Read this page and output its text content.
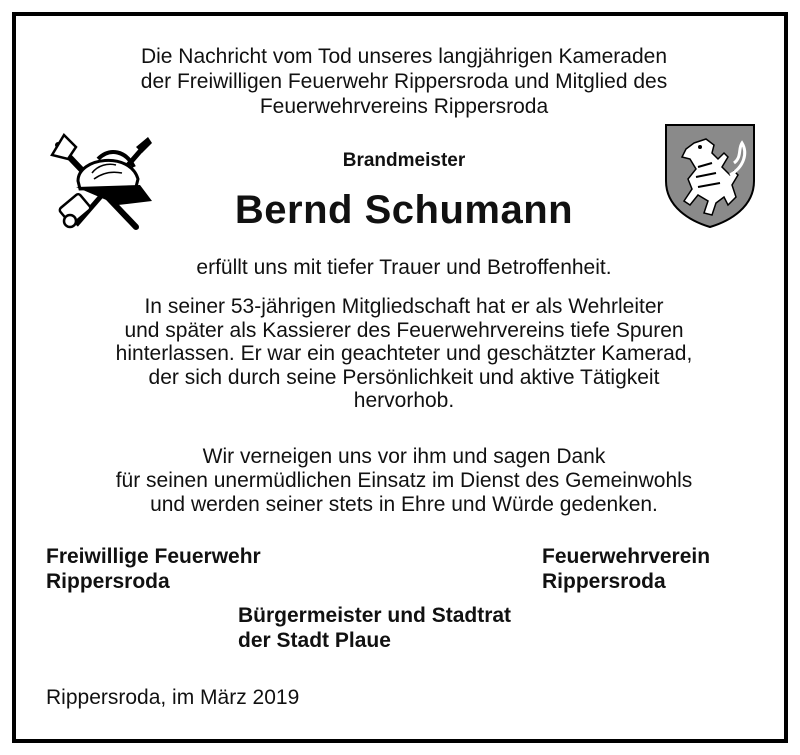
Die Nachricht vom Tod unseres langjährigen Kameraden
der Freiwilligen Feuerwehr Rippersroda und Mitglied des
Feuerwehrvereins Rippersroda
Brandmeister
Bernd Schumann
erfüllt uns mit tiefer Trauer und Betroffenheit.
In seiner 53-jährigen Mitgliedschaft hat er als Wehrleiter
und später als Kassierer des Feuerwehrvereins tiefe Spuren
hinterlassen. Er war ein geachteter und geschätzter Kamerad,
der sich durch seine Persönlichkeit und aktive Tätigkeit
hervorhob.
Wir verneigen uns vor ihm und sagen Dank
für seinen unermüdlichen Einsatz im Dienst des Gemeinwohls
und werden seiner stets in Ehre und Würde gedenken.
Freiwillige Feuerwehr
Rippersroda
Feuerwehrverein
Rippersroda
Bürgermeister und Stadtrat
der Stadt Plaue
Rippersroda, im März 2019
